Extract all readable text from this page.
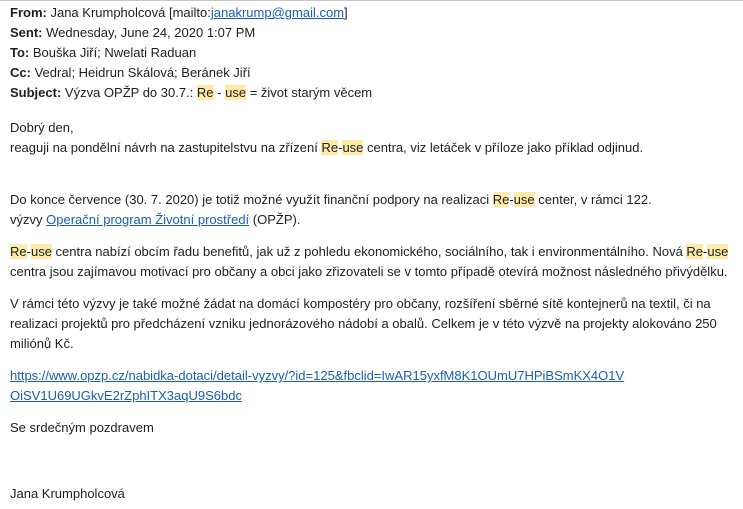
From: Jana Krumpholcová [mailto:janakrump@gmail.com]
Sent: Wednesday, June 24, 2020 1:07 PM
To: Bouška Jiří; Nwelati Raduan
Cc: Vedral; Heidrun Skálová; Beránek Jiří
Subject: Výzva OPŽP do 30.7.: Re - use = život starým věcem
Dobrý den,
reaguji na pondělní návrh na zastupitelstvu na zřízení Re-use centra, viz letáček v příloze jako příklad odjinud.
Do konce července (30. 7. 2020) je totiž možné využít finanční podpory na realizaci Re-use center, v rámci 122.
výzvy Operační program Životní prostředí (OPŽP).
Re-use centra nabízí obcím řadu benefitů, jak už z pohledu ekonomického, sociálního, tak i environmentálního. Nová Re-use
centra jsou zajímavou motivací pro občany a obci jako zřizovateli se v tomto případě otevírá možnost následného přivýdělku.
V rámci této výzvy je také možné žádat na domácí kompostéry pro občany, rozšíření sběrné sítě kontejnerů na textil, či na
realizaci projektů pro předcházení vzniku jednorázového nádobí a obalů. Celkem je v této výzvě na projekty alokováno 250
miliónů Kč.
https://www.opzp.cz/nabidka-dotaci/detail-vyzvy/?id=125&fbclid=IwAR15yxfM8K1OUmU7HPiBSmKX4O1V
OiSV1U69UGkvE2rZphITX3aqU9S6bdc
Se srdečným pozdravem
Jana Krumpholcová
